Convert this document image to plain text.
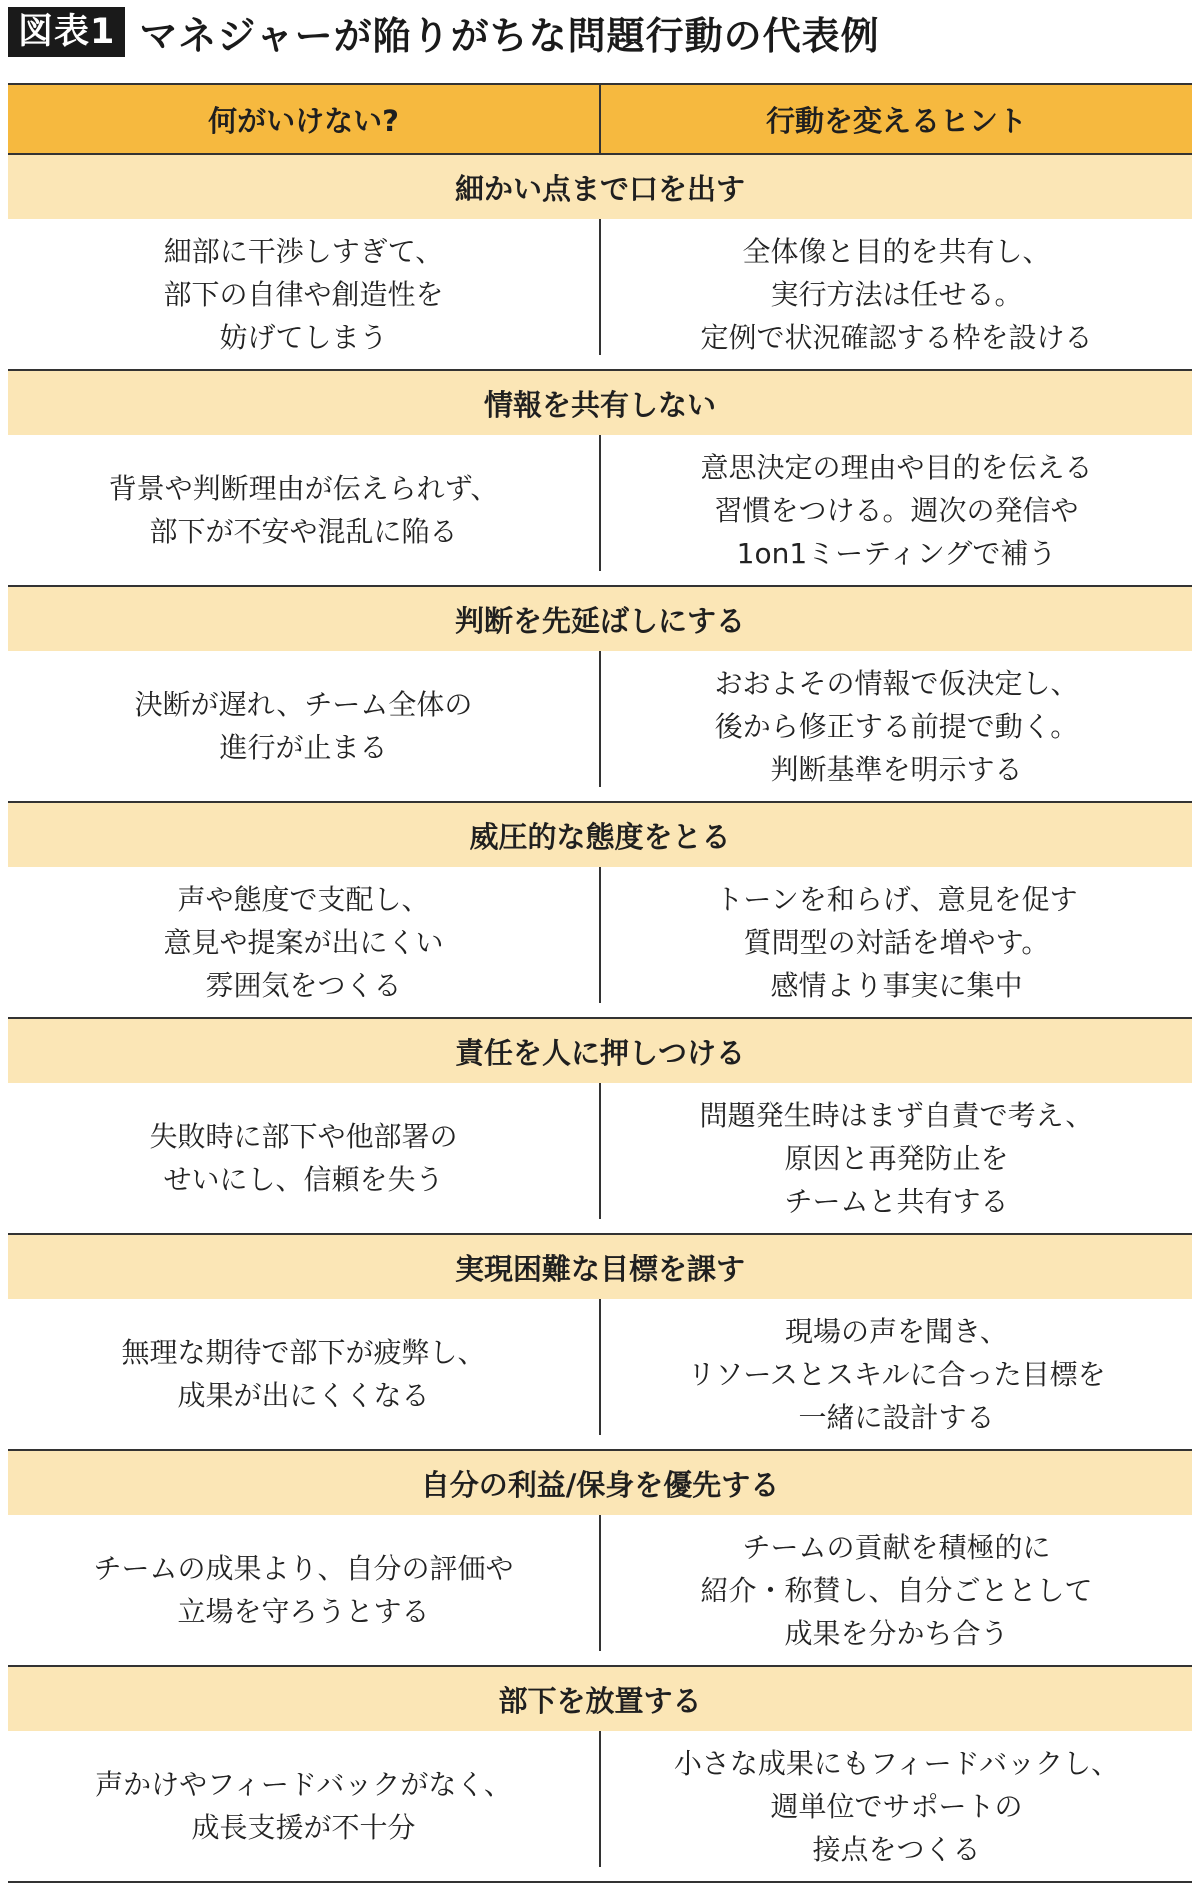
図表1 マネジャーが陥りがちな問題行動の代表例
何がいけない?	行動を変えるヒント
細かい点まで口を出す
細部に干渉しすぎて、
部下の自律や創造性を
妨げてしまう
全体像と目的を共有し、
実行方法は任せる。
定例で状況確認する枠を設ける
情報を共有しない
背景や判断理由が伝えられず、
部下が不安や混乱に陥る
意思決定の理由や目的を伝える
習慣をつける。週次の発信や
1on1ミーティングで補う
判断を先延ばしにする
決断が遅れ、チーム全体の
進行が止まる
おおよその情報で仮決定し、
後から修正する前提で動く。
判断基準を明示する
威圧的な態度をとる
声や態度で支配し、
意見や提案が出にくい
雰囲気をつくる
トーンを和らげ、意見を促す
質問型の対話を増やす。
感情より事実に集中
責任を人に押しつける
失敗時に部下や他部署の
せいにし、信頼を失う
問題発生時はまず自責で考え、
原因と再発防止を
チームと共有する
実現困難な目標を課す
無理な期待で部下が疲弊し、
成果が出にくくなる
現場の声を聞き、
リソースとスキルに合った目標を
一緒に設計する
自分の利益/保身を優先する
チームの成果より、自分の評価や
立場を守ろうとする
チームの貢献を積極的に
紹介・称賛し、自分ごととして
成果を分かち合う
部下を放置する
声かけやフィードバックがなく、
成長支援が不十分
小さな成果にもフィードバックし、
週単位でサポートの
接点をつくる
